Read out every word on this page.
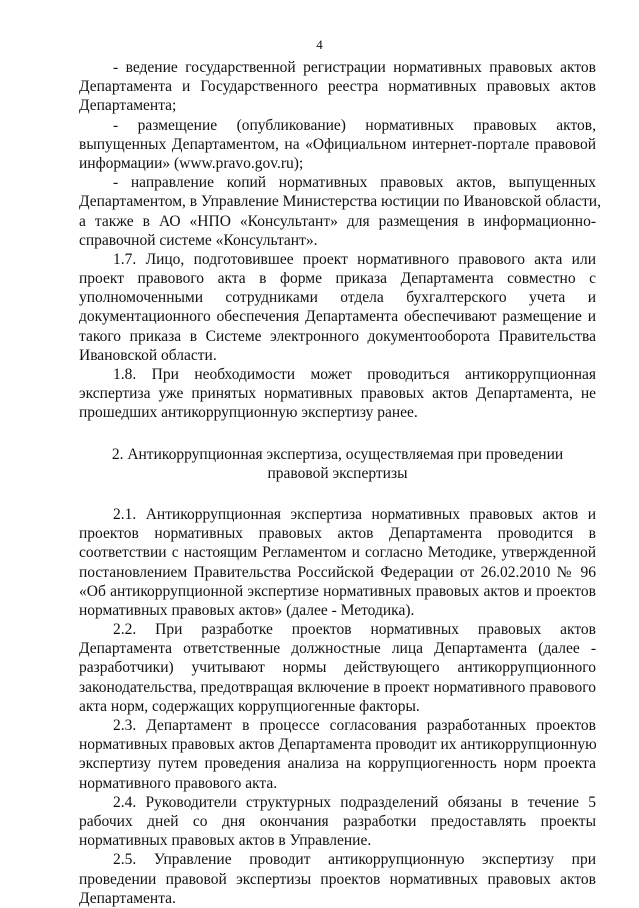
4
- ведение государственной регистрации нормативных правовых актов
Департамента и Государственного реестра нормативных правовых актов
Департамента;
- размещение (опубликование) нормативных правовых актов,
выпущенных Департаментом, на «Официальном интернет-портале правовой
информации» (www.pravo.gov.ru);
- направление копий нормативных правовых актов, выпущенных
Департаментом, в Управление Министерства юстиции по Ивановской области,
а также в АО «НПО «Консультант» для размещения в информационно-
справочной системе «Консультант».
1.7. Лицо, подготовившее проект нормативного правового акта или
проект правового акта в форме приказа Департамента совместно с
уполномоченными сотрудниками отдела бухгалтерского учета и
документационного обеспечения Департамента обеспечивают размещение и
такого приказа в Системе электронного документооборота Правительства
Ивановской области.
1.8. При необходимости может проводиться антикоррупционная
экспертиза уже принятых нормативных правовых актов Департамента, не
прошедших антикоррупционную экспертизу ранее.
2. Антикоррупционная экспертиза, осуществляемая при проведении
правовой экспертизы
2.1. Антикоррупционная экспертиза нормативных правовых актов и
проектов нормативных правовых актов Департамента проводится в
соответствии с настоящим Регламентом и согласно Методике, утвержденной
постановлением Правительства Российской Федерации от 26.02.2010 № 96
«Об антикоррупционной экспертизе нормативных правовых актов и проектов
нормативных правовых актов» (далее - Методика).
2.2. При разработке проектов нормативных правовых актов
Департамента ответственные должностные лица Департамента (далее -
разработчики) учитывают нормы действующего антикоррупционного
законодательства, предотвращая включение в проект нормативного правового
акта норм, содержащих коррупциогенные факторы.
2.3. Департамент в процессе согласования разработанных проектов
нормативных правовых актов Департамента проводит их антикоррупционную
экспертизу путем проведения анализа на коррупциогенность норм проекта
нормативного правового акта.
2.4. Руководители структурных подразделений обязаны в течение 5
рабочих дней со дня окончания разработки предоставлять проекты
нормативных правовых актов в Управление.
2.5. Управление проводит антикоррупционную экспертизу при
проведении правовой экспертизы проектов нормативных правовых актов
Департамента.
